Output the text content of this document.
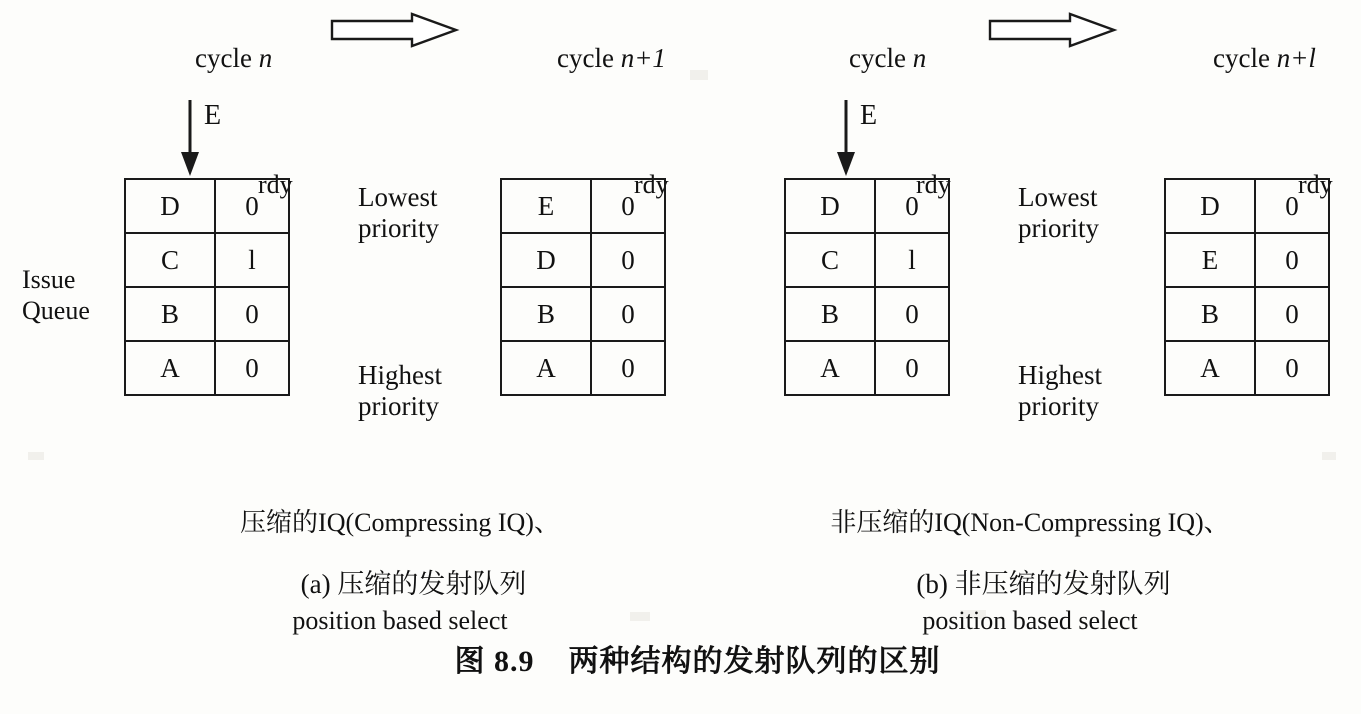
cycle n
	cycle n+1

E

rdy

Issue
Queue
D	0
C	l
B	0
A	0
Lowest
priority
Highest
priority

rdy

E	0
D	0
B	0
A	0

压缩的IQ(Compressing IQ)、

position based select

(a) 压缩的发射队列

cycle n
	cycle n+l

E

rdy

D	0
C	l
B	0
A	0
Lowest
priority
Highest
priority

rdy

D	0
E	0
B	0
A	0

非压缩的IQ(Non-Compressing IQ)、

position based select

(b) 非压缩的发射队列

图 8.9    两种结构的发射队列的区别
